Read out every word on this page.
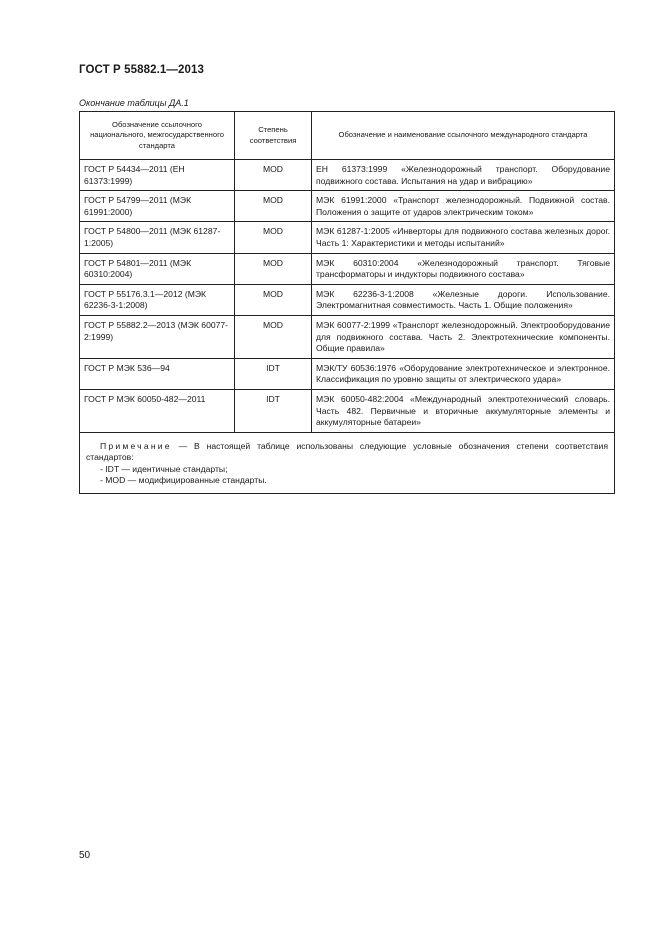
ГОСТ Р 55882.1—2013
Окончание таблицы ДА.1
Обозначение ссылочного национального, межгосударственного стандарта	Степень соответствия	Обозначение и наименование ссылочного международного стандарта
ГОСТ Р 54434—2011 (ЕН 61373:1999)	MOD	ЕН 61373:1999 «Железнодорожный транспорт. Оборудование подвижного состава. Испытания на удар и вибрацию»
ГОСТ Р 54799—2011 (МЭК 61991:2000)	MOD	МЭК 61991:2000 «Транспорт железнодорожный. Подвижной состав. Положения о защите от ударов электрическим током»
ГОСТ Р 54800—2011 (МЭК 61287-1:2005)	MOD	МЭК 61287-1:2005 «Инверторы для подвижного состава железных дорог. Часть 1: Характеристики и методы испытаний»
ГОСТ Р 54801—2011 (МЭК 60310:2004)	MOD	МЭК 60310:2004 «Железнодорожный транспорт. Тяговые трансформаторы и индукторы подвижного состава»
ГОСТ Р 55176.3.1—2012 (МЭК 62236-3-1:2008)	MOD	МЭК 62236-3-1:2008 «Железные дороги. Использование. Электромагнитная совместимость. Часть 1. Общие положения»
ГОСТ Р 55882.2—2013 (МЭК 60077-2:1999)	MOD	МЭК 60077-2:1999 «Транспорт железнодорожный. Электрооборудование для подвижного состава. Часть 2. Электротехнические компоненты. Общие правила»
ГОСТ Р МЭК 536—94	IDT	МЭК/ТУ 60536:1976 «Оборудование электротехническое и электронное. Классификация по уровню защиты от электрического удара»
ГОСТ Р МЭК 60050-482—2011	IDT	МЭК 60050-482:2004 «Международный электротехнический словарь. Часть 482. Первичные и вторичные аккумуляторные элементы и аккумуляторные батареи»

Примечание — В настоящей таблице использованы следующие условные обозначения степени соответствия стандартов:
- IDT — идентичные стандарты;
- MOD — модифицированные стандарты.		
50
